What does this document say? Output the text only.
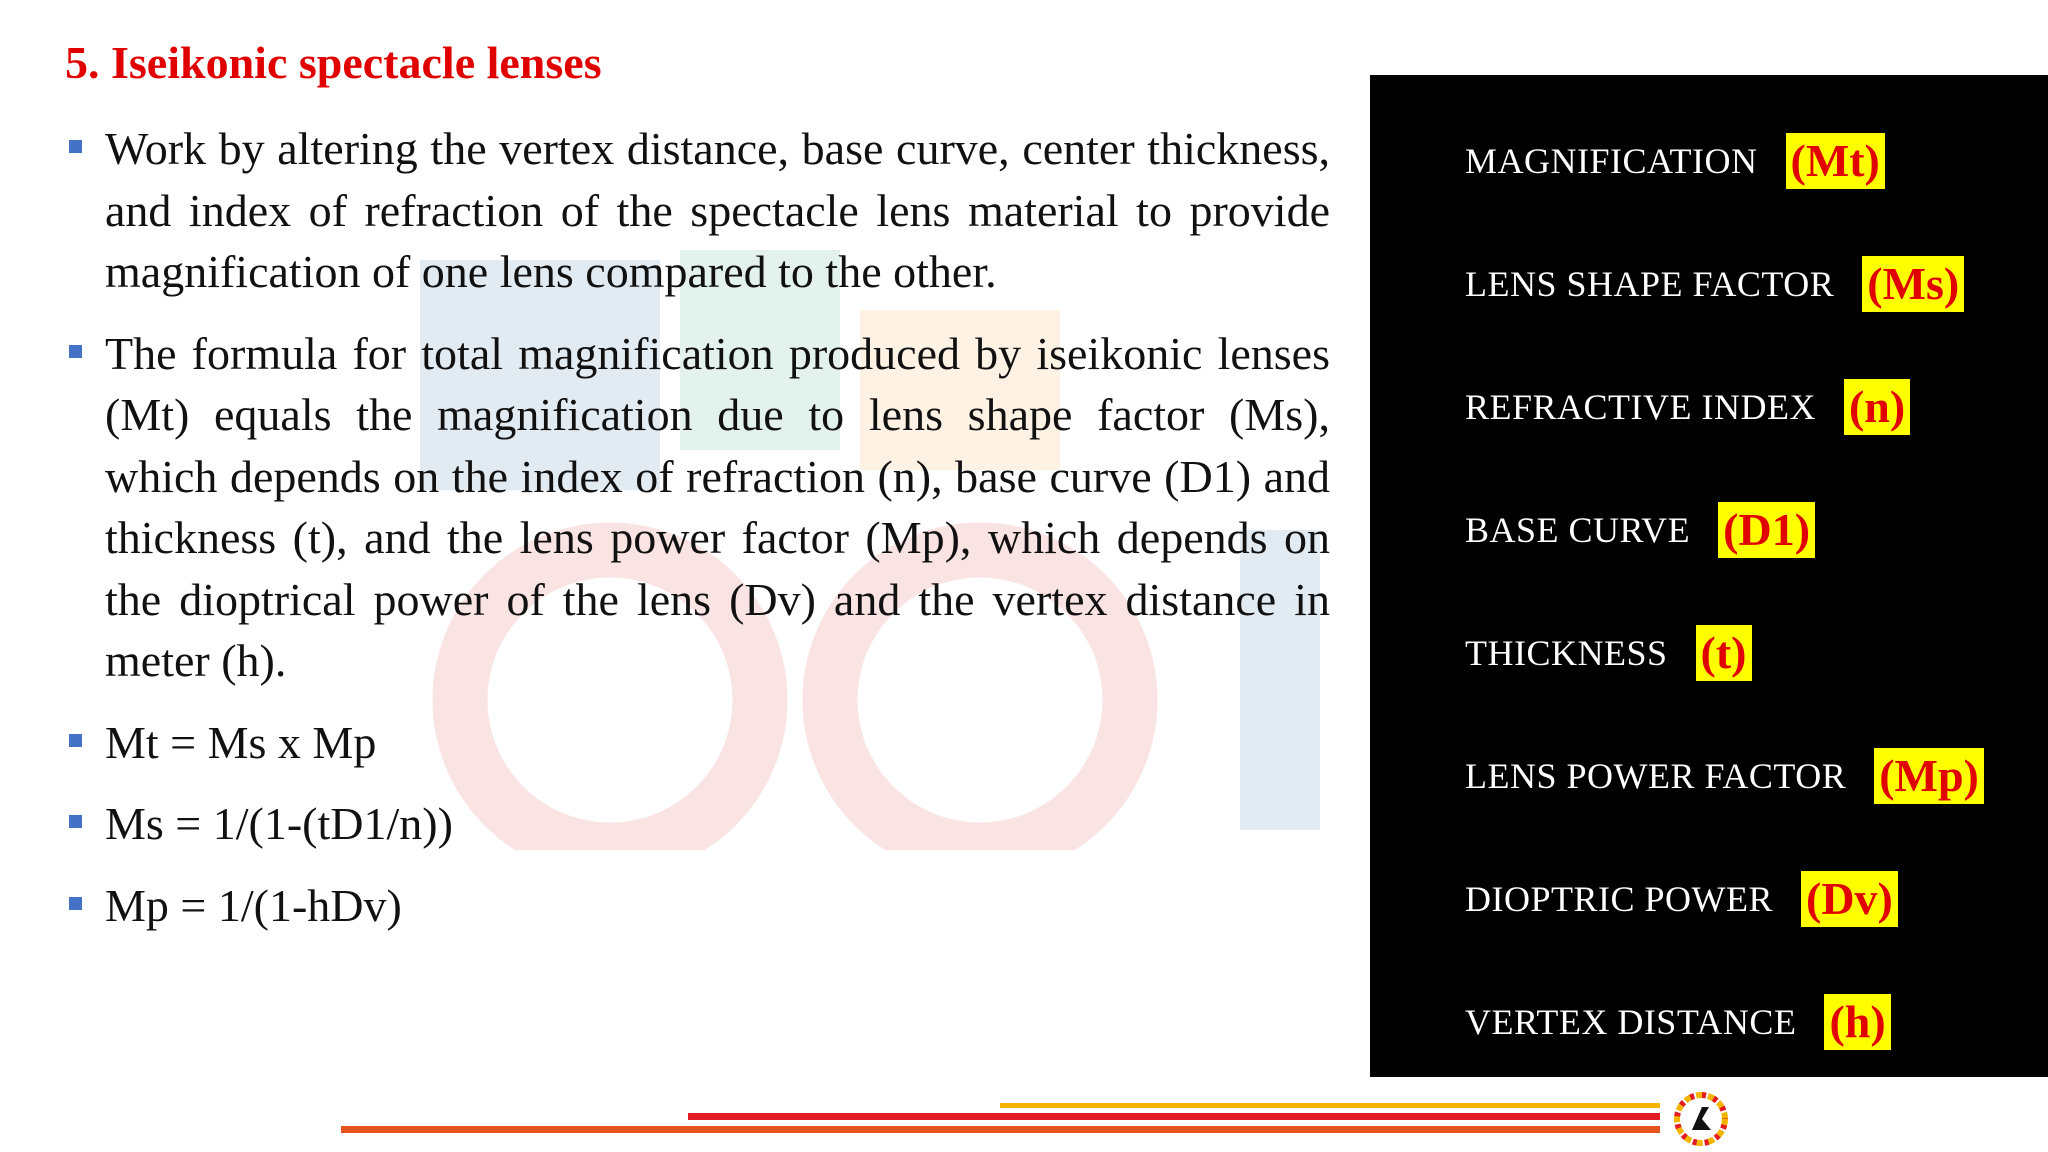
5. Iseikonic spectacle lenses
Work by altering the vertex distance, base curve, center thickness, and index of refraction of the spectacle lens material to provide magnification of one lens compared to the other.
The formula for total magnification produced by iseikonic lenses (Mt) equals the magnification due to lens shape factor (Ms), which depends on the index of refraction (n), base curve (D1) and thickness (t), and the lens power factor (Mp), which depends on the dioptrical power of the lens (Dv) and the vertex distance in meter (h).
Mt = Ms x Mp
Ms = 1/(1-(tD1/n))
Mp = 1/(1-hDv)
MAGNIFICATION (Mt)
LENS SHAPE FACTOR (Ms)
REFRACTIVE INDEX (n)
BASE CURVE (D1)
THICKNESS (t)
LENS POWER FACTOR (Mp)
DIOPTRIC POWER (Dv)
VERTEX DISTANCE (h)
